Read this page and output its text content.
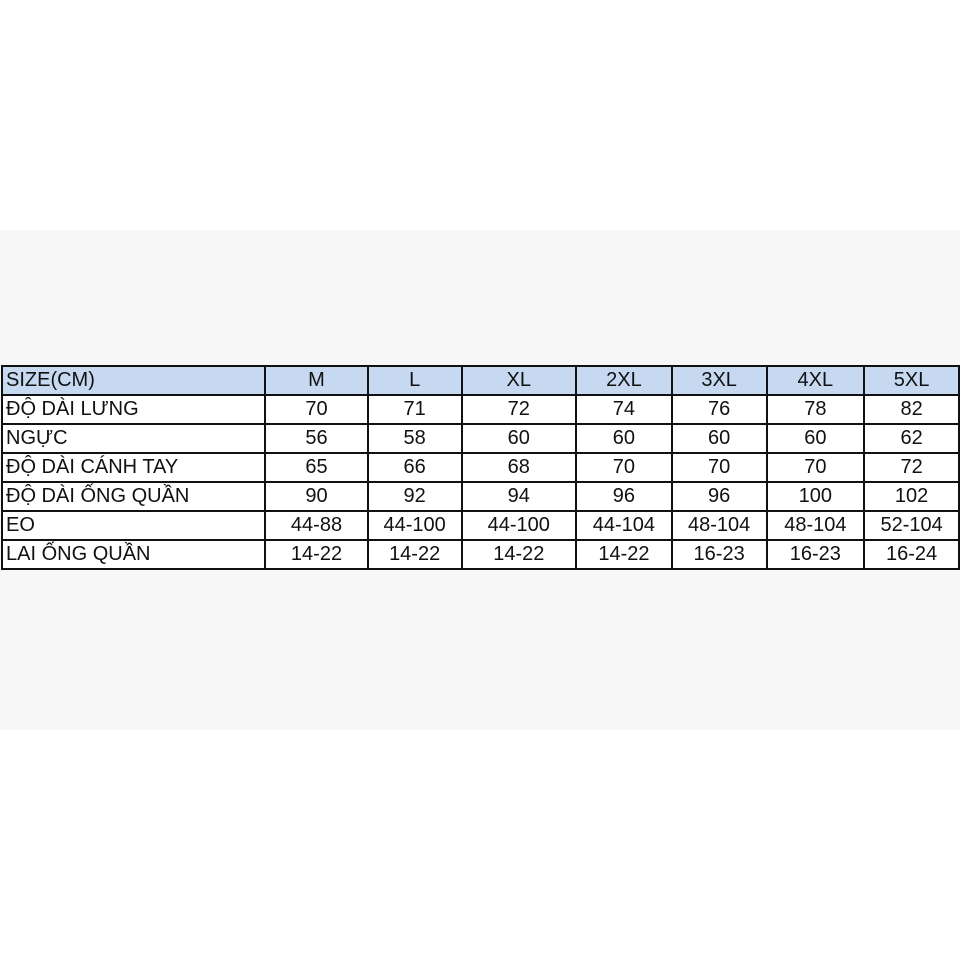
SIZE(CM)	M	L	XL	2XL	3XL	4XL	5XL
ĐỘ DÀI LƯNG	70	71	72	74	76	78	82
NGỰC	56	58	60	60	60	60	62
ĐỘ DÀI CÁNH TAY	65	66	68	70	70	70	72
ĐỘ DÀI ỐNG QUẦN	90	92	94	96	96	100	102
EO	44-88	44-100	44-100	44-104	48-104	48-104	52-104
LAI ỐNG QUẦN	14-22	14-22	14-22	14-22	16-23	16-23	16-24
